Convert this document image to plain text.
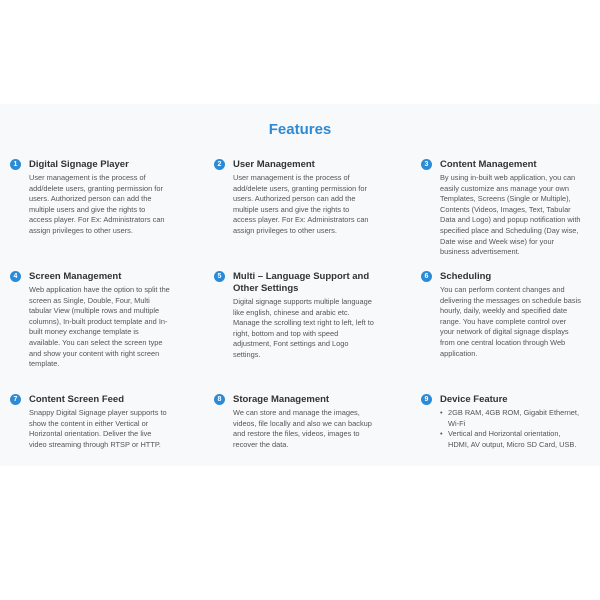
Features
1	Digital Signage Player
User management is the process of add/delete users, granting permission for users. Authorized person can add the multiple users and give the rights to access player. For Ex: Administrators can assign privileges to other users.
2	User Management
User management is the process of add/delete users, granting permission for users. Authorized person can add the multiple users and give the rights to access player. For Ex: Administrators can assign privileges to other users.
3	Content Management
By using in-built web application, you can easily customize ans manage your own Templates, Screens (Single or Multiple), Contents (Videos, Images, Text, Tabular Data and Logo) and popup notification with specified place and Scheduling (Day wise, Date wise and Week wise) for your business advertisement.
4	Screen Management
Web application have the option to split the screen as Single, Double, Four, Multi tabular View (multiple rows and multiple columns), In-built product template and In-built money exchange template is available. You can select the screen type and show your content with right screen template.
5	Multi – Language Support and Other Settings
Digital signage supports multiple language like english, chinese and arabic etc. Manage the scrolling text right to left, left to right, bottom and top with speed adjustment, Font settings and Logo settings.
6	Scheduling
You can perform content changes and delivering the messages on schedule basis hourly, daily, weekly and specified date range. You have complete control over your network of digital signage displays from one central location through Web application.
7	Content Screen Feed
Snappy Digital Signage player supports to show the content in either Vertical or Horizontal orientation. Deliver the live video streaming through RTSP or HTTP.
8	Storage Management
We can store and manage the images, videos, file locally and also we can backup and restore the files, videos, images to recover the data.
9	Device Feature
• 2GB RAM, 4GB ROM, Gigabit Ethernet, Wi-Fi
• Vertical and Horizontal orientation, HDMI, AV output, Micro SD Card, USB.
